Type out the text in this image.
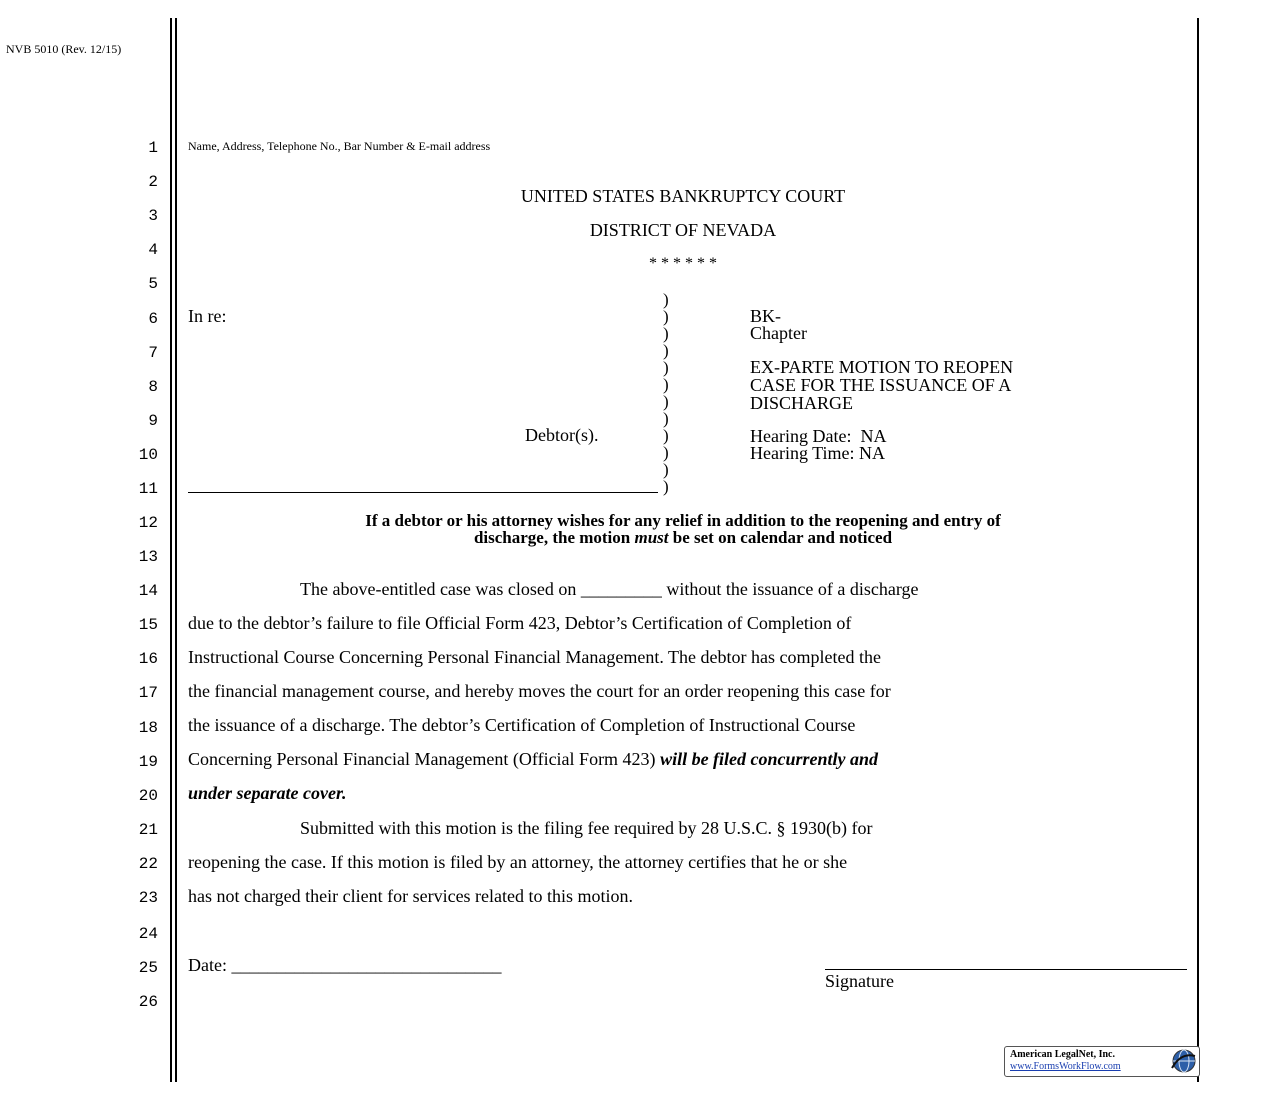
NVB 5010 (Rev. 12/15)
1
2
3
4
5
6
7
8
9
10
11
12
13
14
15
16
17
18
19
20
21
22
23
24
25
26
Name, Address, Telephone No., Bar Number & E-mail address
UNITED STATES BANKRUPTCY COURT
DISTRICT OF NEVADA
* * * * * *
In re:
Debtor(s).
)
)
)
)
)
)
)
)
)
)
)
)
BK-
Chapter
EX-PARTE MOTION TO REOPEN
CASE FOR THE ISSUANCE OF A
DISCHARGE
Hearing Date: NA
Hearing Time: NA
If a debtor or his attorney wishes for any relief in addition to the reopening and entry of
discharge, the motion must be set on calendar and noticed
The above-entitled case was closed on _________ without the issuance of a discharge
due to the debtor’s failure to file Official Form 423, Debtor’s Certification of Completion of
Instructional Course Concerning Personal Financial Management. The debtor has completed the
the financial management course, and hereby moves the court for an order reopening this case for
the issuance of a discharge. The debtor’s Certification of Completion of Instructional Course
Concerning Personal Financial Management (Official Form 423) will be filed concurrently and
under separate cover.
Submitted with this motion is the filing fee required by 28 U.S.C. § 1930(b) for
reopening the case. If this motion is filed by an attorney, the attorney certifies that he or she
has not charged their client for services related to this motion.
Date: ______________________________
Signature
American LegalNet, Inc.
www.FormsWorkFlow.com
